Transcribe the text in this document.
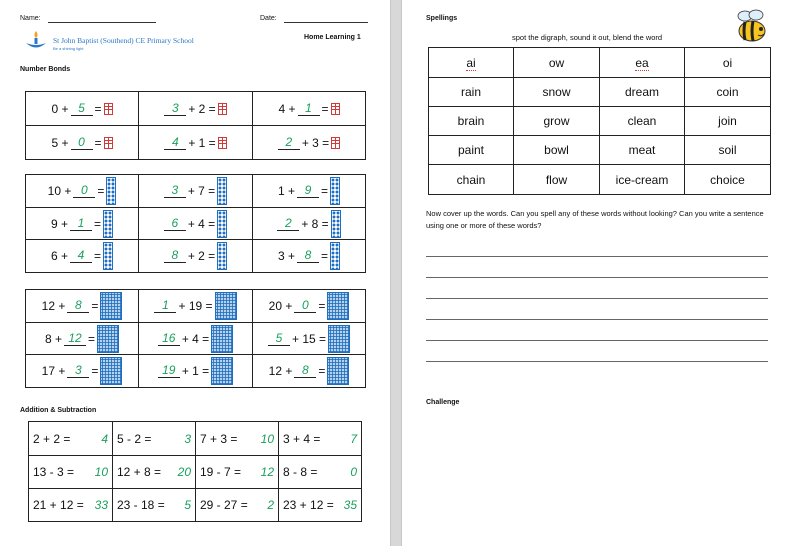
Name:	Date:
St John Baptist (Southend) CE Primary School
Be a shining light
Home Learning 1
Number Bonds
0 + 5 =	3 + 2 =	4 + 1 =

5 + 0 =	4 + 1 =	2 + 3 =
10 + 0 =	3 + 7 =	1 + 9 =

9 + 1 =	6 + 4 =	2 + 8 =

6 + 4 =	8 + 2 =	3 + 8 =
12 + 8 =	1 + 19 =	20 + 0 =

8 + 12 =	16 + 4 =	5 + 15 =

17 + 3 =	19 + 1 =	12 + 8 =
Addition & Subtraction
2 + 2 = 4	5 - 2 = 3	7 + 3 = 10	3 + 4 = 7

13 - 3 = 10	12 + 8 = 20	19 - 7 = 12	8 - 8 = 0

21 + 12 = 33	23 - 18 = 5	29 - 27 = 2	23 + 12 = 35
Spellings
spot the digraph, sound it out, blend the word
ai	ow	ea	oi
rain	snow	dream	coin
brain	grow	clean	join
paint	bowl	meat	soil
chain	flow	ice-cream	choice
Now cover up the words. Can you spell any of these words without looking? Can you write a sentence using one or more of these words?
Challenge
